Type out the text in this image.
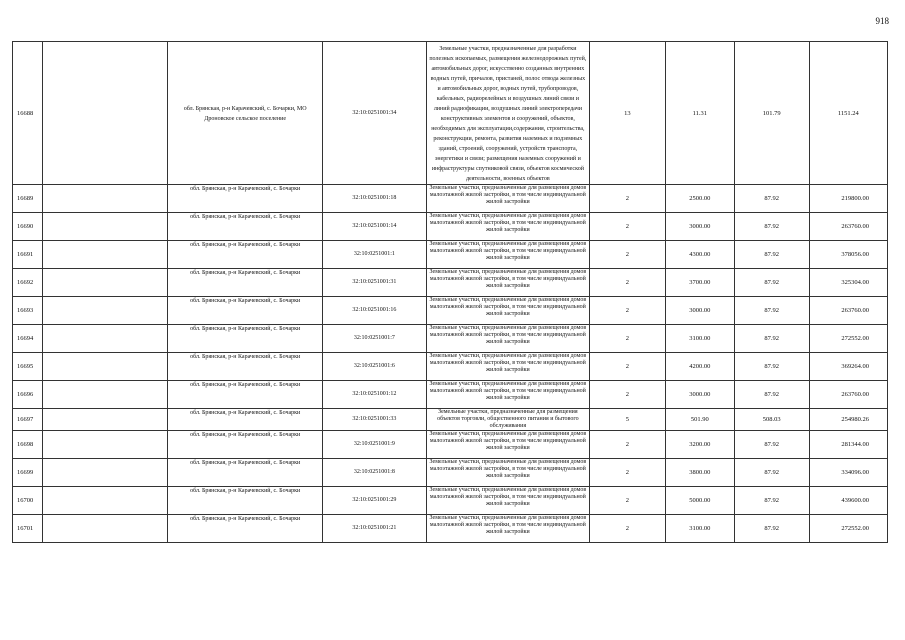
918
16688		обл. Брянская, р-н Карачевский, с. Бочарки, МО Дроновское сельское поселение	32:10:0251001:34	Земельные участки, предназначенные для разработки полезных ископаемых, размещения железнодорожных путей, автомобильных дорог, искусственно созданных внутренних водных путей, причалов, пристаней, полос отвода железных и автомобильных дорог, водных путей, трубопроводов, кабельных, радиорелейных и воздушных линий связи и линий радиофикации, воздушных линий электропередачи конструктивных элементов и сооружений, объектов, необходимых для эксплуатации,содержания, строительства, реконструкции, ремонта, развития наземных и подземных зданий, строений, сооружений, устройств транспорта, энергетики и связи; размещения наземных сооружений и инфраструктуры спутниковой связи, объектов космической деятельности, военных объектов	13	11.31	101.79	1151.24
16689		обл. Брянская, р-н Карачевский, с. Бочарки	32:10:0251001:18	Земельные участки, предназначенные для размещения домов малоэтажной жилой застройки, в том числе индивидуальной жилой застройки	2	2500.00	87.92	219800.00
16690		обл. Брянская, р-н Карачевский, с. Бочарки	32:10:0251001:14	Земельные участки, предназначенные для размещения домов малоэтажной жилой застройки, в том числе индивидуальной жилой застройки	2	3000.00	87.92	263760.00
16691		обл. Брянская, р-н Карачевский, с. Бочарки	32:10:0251001:1	Земельные участки, предназначенные для размещения домов малоэтажной жилой застройки, в том числе индивидуальной жилой застройки	2	4300.00	87.92	378056.00
16692		обл. Брянская, р-н Карачевский, с. Бочарки	32:10:0251001:31	Земельные участки, предназначенные для размещения домов малоэтажной жилой застройки, в том числе индивидуальной жилой застройки	2	3700.00	87.92	325304.00
16693		обл. Брянская, р-н Карачевский, с. Бочарки	32:10:0251001:16	Земельные участки, предназначенные для размещения домов малоэтажной жилой застройки, в том числе индивидуальной жилой застройки	2	3000.00	87.92	263760.00
16694		обл. Брянская, р-н Карачевский, с. Бочарки	32:10:0251001:7	Земельные участки, предназначенные для размещения домов малоэтажной жилой застройки, в том числе индивидуальной жилой застройки	2	3100.00	87.92	272552.00
16695		обл. Брянская, р-н Карачевский, с. Бочарки	32:10:0251001:6	Земельные участки, предназначенные для размещения домов малоэтажной жилой застройки, в том числе индивидуальной жилой застройки	2	4200.00	87.92	369264.00
16696		обл. Брянская, р-н Карачевский, с. Бочарки	32:10:0251001:12	Земельные участки, предназначенные для размещения домов малоэтажной жилой застройки, в том числе индивидуальной жилой застройки	2	3000.00	87.92	263760.00
16697		обл. Брянская, р-н Карачевский, с. Бочарки	32:10:0251001:33	Земельные участки, предназначенные для размещения объектов торговли, общественного питания и бытового обслуживания	5	501.90	508.03	254980.26
16698		обл. Брянская, р-н Карачевский, с. Бочарки	32:10:0251001:9	Земельные участки, предназначенные для размещения домов малоэтажной жилой застройки, в том числе индивидуальной жилой застройки	2	3200.00	87.92	281344.00
16699		обл. Брянская, р-н Карачевский, с. Бочарки	32:10:0251001:8	Земельные участки, предназначенные для размещения домов малоэтажной жилой застройки, в том числе индивидуальной жилой застройки	2	3800.00	87.92	334096.00
16700		обл. Брянская, р-н Карачевский, с. Бочарки	32:10:0251001:29	Земельные участки, предназначенные для размещения домов малоэтажной жилой застройки, в том числе индивидуальной жилой застройки	2	5000.00	87.92	439600.00
16701		обл. Брянская, р-н Карачевский, с. Бочарки	32:10:0251001:21	Земельные участки, предназначенные для размещения домов малоэтажной жилой застройки, в том числе индивидуальной жилой застройки	2	3100.00	87.92	272552.00
